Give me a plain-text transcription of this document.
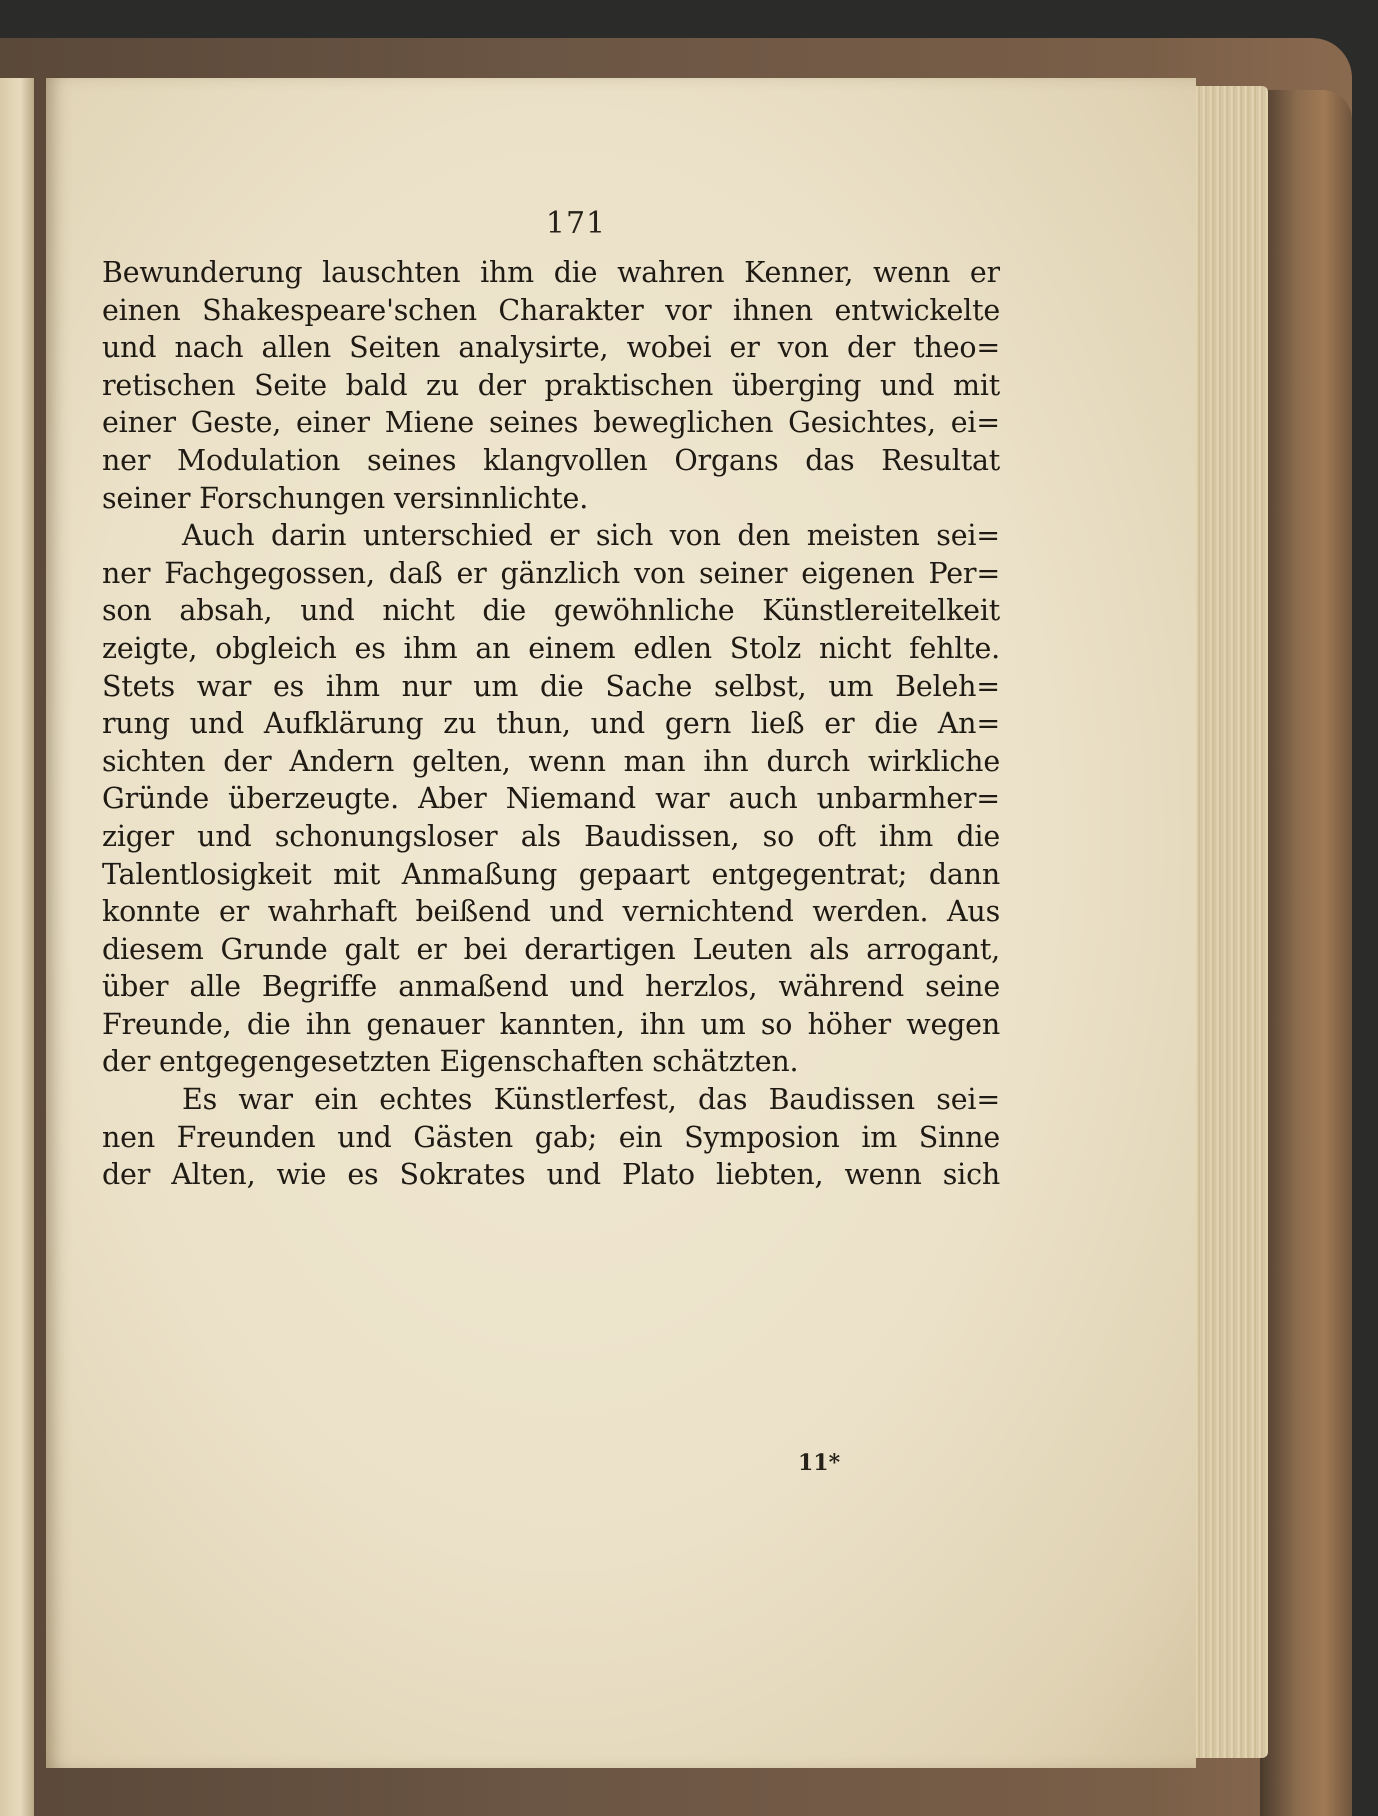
171
Bewunderung lauschten ihm die wahren Kenner, wenn er
einen Shakespeare'schen Charakter vor ihnen entwickelte
und nach allen Seiten analysirte, wobei er von der theo=
retischen Seite bald zu der praktischen überging und mit
einer Geste, einer Miene seines beweglichen Gesichtes, ei=
ner Modulation seines klangvollen Organs das Resultat
seiner Forschungen versinnlichte.
Auch darin unterschied er sich von den meisten sei=
ner Fachgegossen, daß er gänzlich von seiner eigenen Per=
son absah, und nicht die gewöhnliche Künstlereitelkeit
zeigte, obgleich es ihm an einem edlen Stolz nicht fehlte.
Stets war es ihm nur um die Sache selbst, um Beleh=
rung und Aufklärung zu thun, und gern ließ er die An=
sichten der Andern gelten, wenn man ihn durch wirkliche
Gründe überzeugte. Aber Niemand war auch unbarmher=
ziger und schonungsloser als Baudissen, so oft ihm die
Talentlosigkeit mit Anmaßung gepaart entgegentrat; dann
konnte er wahrhaft beißend und vernichtend werden. Aus
diesem Grunde galt er bei derartigen Leuten als arrogant,
über alle Begriffe anmaßend und herzlos, während seine
Freunde, die ihn genauer kannten, ihn um so höher wegen
der entgegengesetzten Eigenschaften schätzten.
Es war ein echtes Künstlerfest, das Baudissen sei=
nen Freunden und Gästen gab; ein Symposion im Sinne
der Alten, wie es Sokrates und Plato liebten, wenn sich
11*
